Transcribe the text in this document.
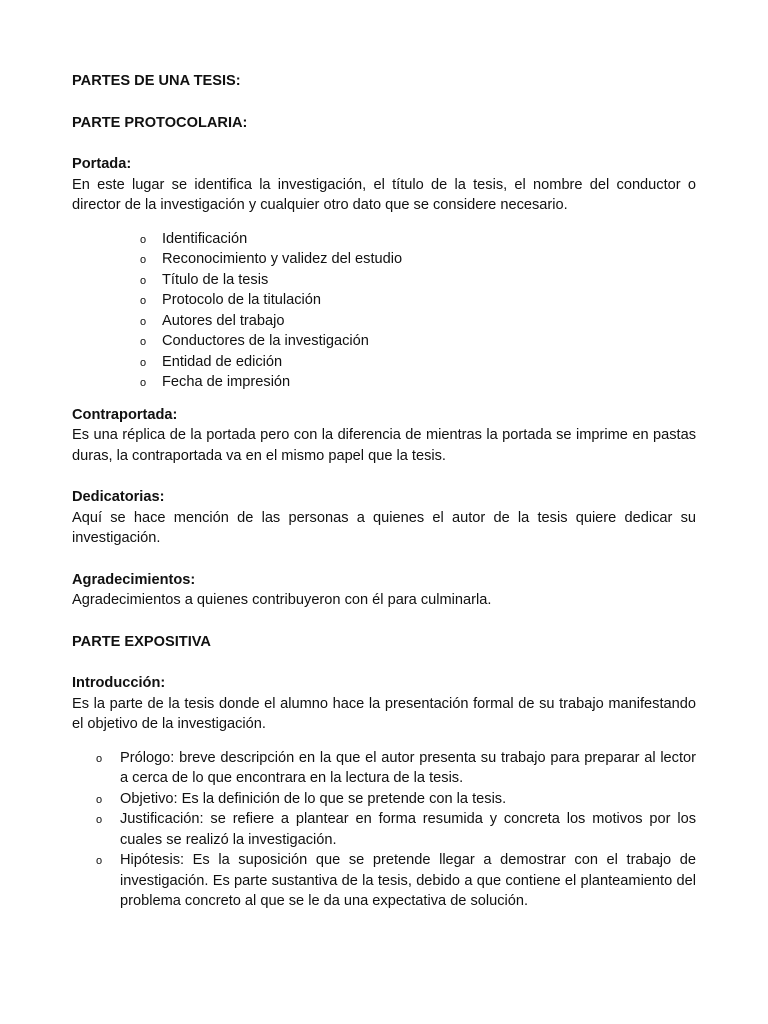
PARTES DE UNA TESIS:
PARTE PROTOCOLARIA:
Portada:

En este lugar se identifica la investigación, el título de la tesis, el nombre del conductor o director de la investigación y cualquier otro dato que se considere necesario.

o Identificación
o Reconocimiento y validez del estudio
o Título de la tesis
o Protocolo de la titulación
o Autores del trabajo
o Conductores de la investigación
o Entidad de edición
o Fecha de impresión
Contraportada:

Es una réplica de la portada pero con la diferencia de mientras la portada se imprime en pastas duras, la contraportada va en el mismo papel que la tesis.

Dedicatorias:

Aquí se hace mención de las personas a quienes el autor de la tesis quiere dedicar su investigación.

Agradecimientos:

Agradecimientos a quienes contribuyeron con él para culminarla.

PARTE EXPOSITIVA
Introducción:

Es la parte de la tesis donde el alumno hace la presentación formal de su trabajo manifestando el objetivo de la investigación.

o Prólogo: breve descripción en la que el autor presenta su trabajo para preparar al lector a cerca de lo que encontrara en la lectura de la tesis.
o Objetivo: Es la definición de lo que se pretende con la tesis.
o Justificación: se refiere a plantear en forma resumida y concreta los motivos por los cuales se realizó la investigación.
o Hipótesis: Es la suposición que se pretende llegar a demostrar con el trabajo de investigación. Es parte sustantiva de la tesis, debido a que contiene el planteamiento del problema concreto al que se le da una expectativa de solución.
